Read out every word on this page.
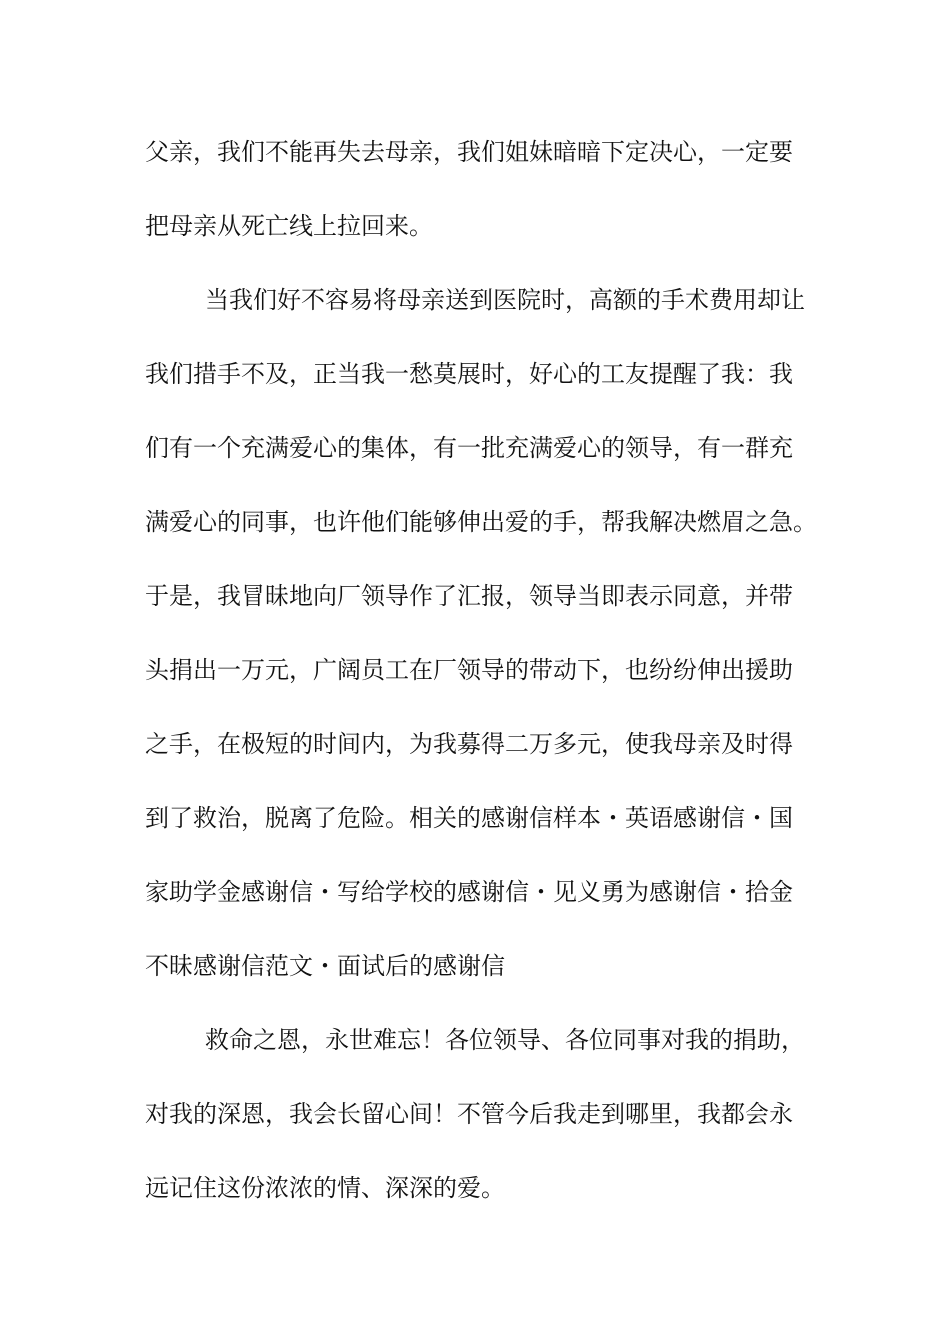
父亲，我们不能再失去母亲，我们姐妹暗暗下定决心，一定要
把母亲从死亡线上拉回来。
当我们好不容易将母亲送到医院时，高额的手术费用却让
我们措手不及，正当我一愁莫展时，好心的工友提醒了我：我
们有一个充满爱心的集体，有一批充满爱心的领导，有一群充
满爱心的同事，也许他们能够伸出爱的手，帮我解决燃眉之急。
于是，我冒昧地向厂领导作了汇报，领导当即表示同意，并带
头捐出一万元，广阔员工在厂领导的带动下，也纷纷伸出援助
之手，在极短的时间内，为我募得二万多元，使我母亲及时得
到了救治，脱离了危险。相关的感谢信样本・英语感谢信・国
家助学金感谢信・写给学校的感谢信・见义勇为感谢信・拾金
不昧感谢信范文・面试后的感谢信
救命之恩，永世难忘！各位领导、各位同事对我的捐助，
对我的深恩，我会长留心间！不管今后我走到哪里，我都会永
远记住这份浓浓的情、深深的爱。
